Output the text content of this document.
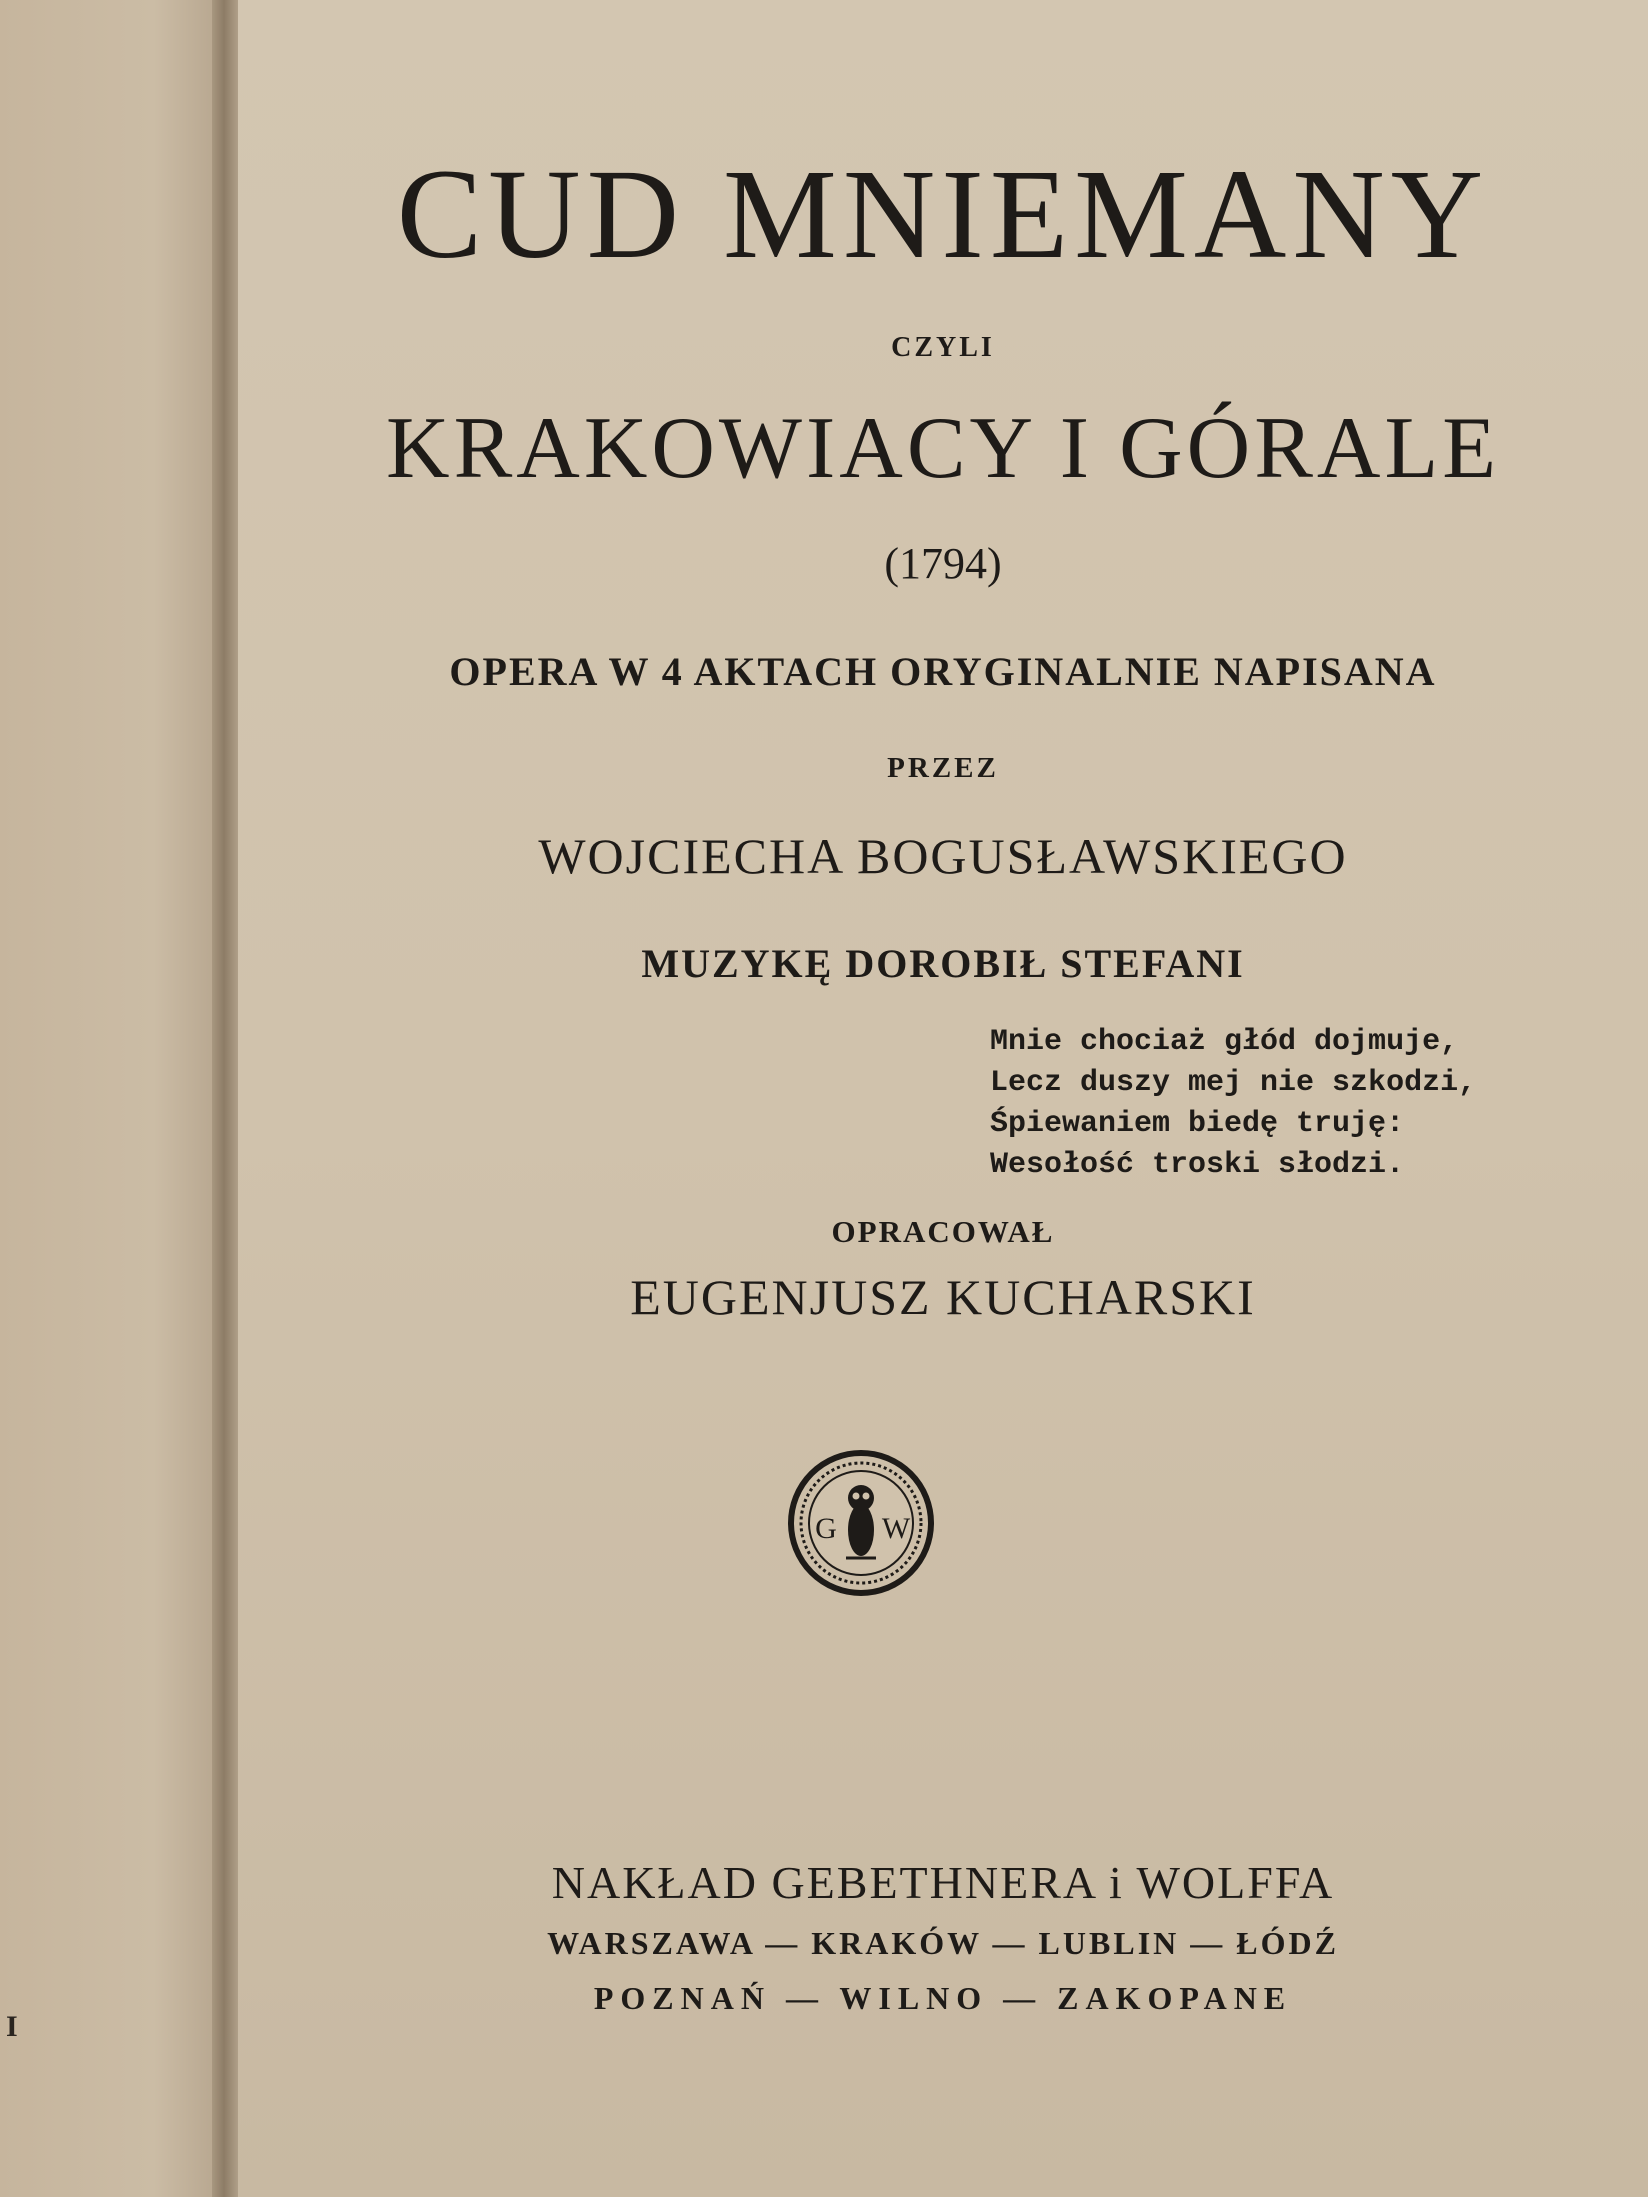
I
CUD MNIEMANY
CZYLI
KRAKOWIACY I GÓRALE
(1794)
OPERA W 4 AKTACH ORYGINALNIE NAPISANA
PRZEZ
WOJCIECHA BOGUSŁAWSKIEGO
MUZYKĘ DOROBIŁ STEFANI
Mnie chociaż głód dojmuje,
Lecz duszy mej nie szkodzi,
Śpiewaniem biedę truję:
Wesołość troski słodzi.
OPRACOWAŁ
EUGENJUSZ KUCHARSKI
G W
NAKŁAD GEBETHNERA i WOLFFA
WARSZAWA — KRAKÓW — LUBLIN — ŁÓDŹ
POZNAŃ — WILNO — ZAKOPANE
